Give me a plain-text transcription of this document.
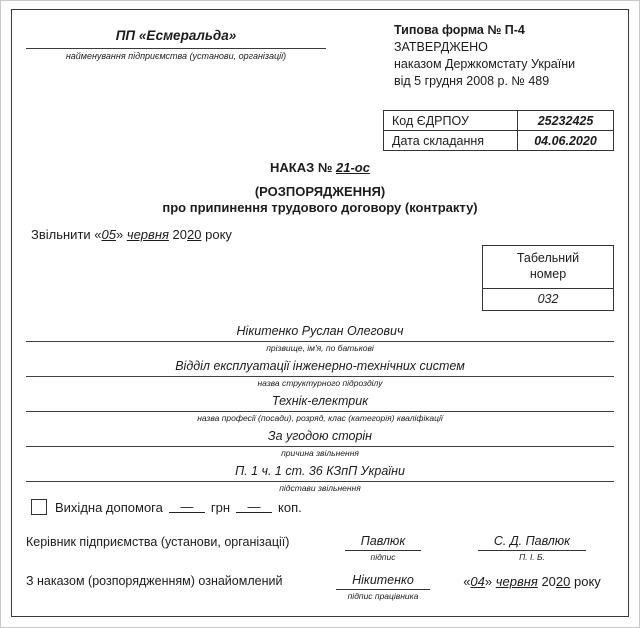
ПП «Есмеральда»
найменування підприємства (установи, організації)
Типова форма № П-4
ЗАТВЕРДЖЕНО
наказом Держкомстату України
від 5 грудня 2008 р. № 489
Код ЄДРПОУ	25232425
Дата складання	04.06.2020
НАКАЗ № 21-ос
(РОЗПОРЯДЖЕННЯ)
про припинення трудового договору (контракту)
Звільнити «05» червня 2020 року
Табельний
номер
032
Нікитенко Руслан Олегович
прізвище, ім'я, по батькові
Відділ експлуатації інженерно-технічних систем
назва структурного підрозділу
Технік-електрик
назва професії (посади), розряд, клас (категорія) кваліфікації
За угодою сторін
причина звільнення
П. 1 ч. 1 ст. 36 КЗпП України
підстави звільнення
Вихідна допомога	—	грн	—	коп.
Керівник підприємства (установи, організації)	Павлюк
підпис
С. Д. Павлюк
П. І. Б.
З наказом (розпорядженням) ознайомлений	Нікитенко
підпис працівника
«04» червня 2020 року
